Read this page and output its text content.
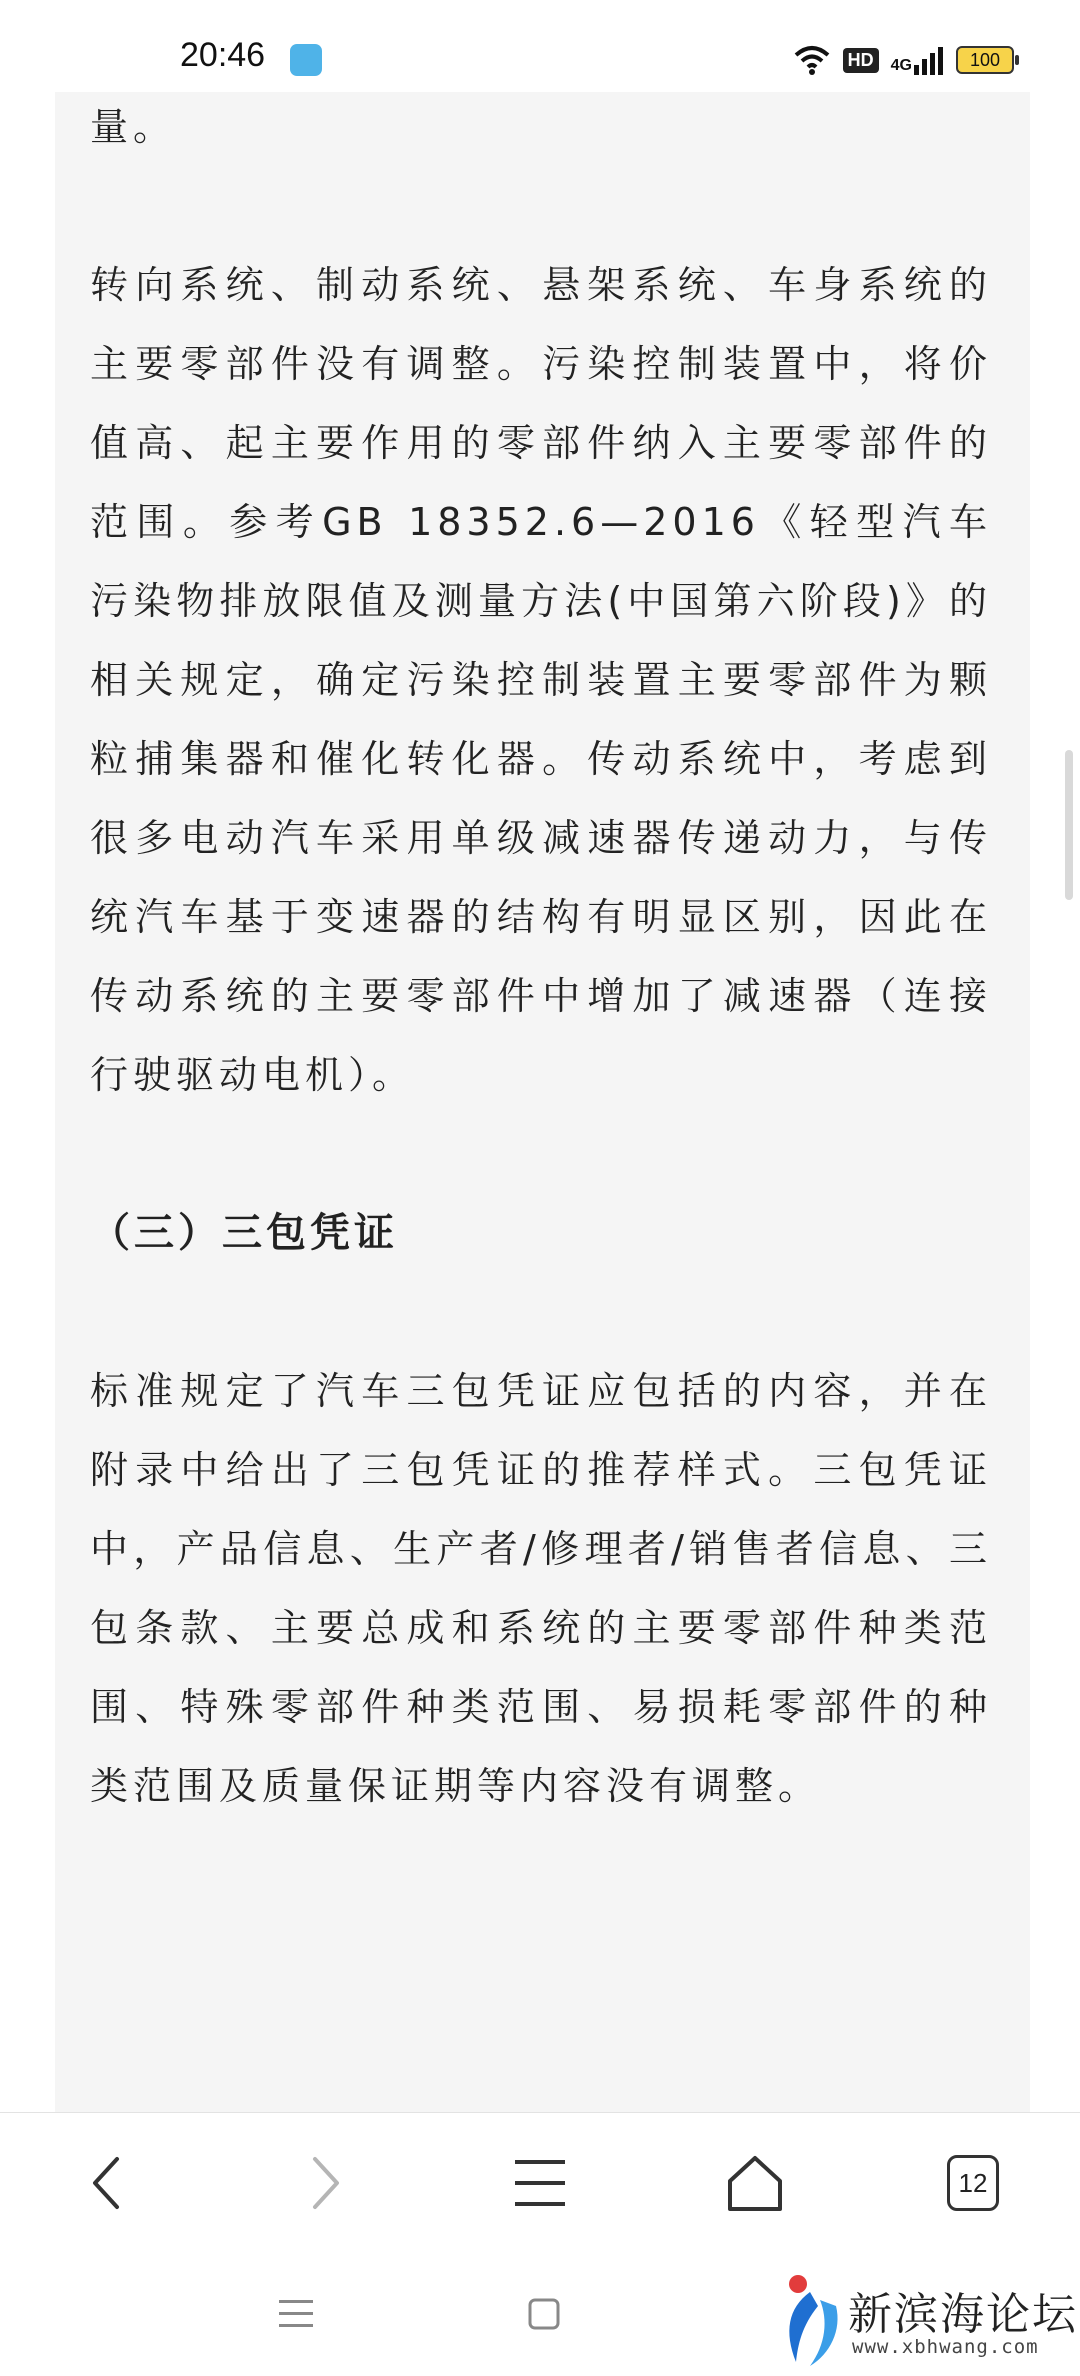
20:46	HD	4G	100

量。

转向系统、制动系统、悬架系统、车身系统的主要零部件没有调整。污染控制装置中，将价值高、起主要作用的零部件纳入主要零部件的范围。参考GB 18352.6—2016《轻型汽车污染物排放限值及测量方法(中国第六阶段)》的相关规定，确定污染控制装置主要零部件为颗粒捕集器和催化转化器。传动系统中，考虑到很多电动汽车采用单级减速器传递动力，与传统汽车基于变速器的结构有明显区别，因此在传动系统的主要零部件中增加了减速器（连接行驶驱动电机）。

（三）三包凭证

标准规定了汽车三包凭证应包括的内容，并在附录中给出了三包凭证的推荐样式。三包凭证中，产品信息、生产者/修理者/销售者信息、三包条款、主要总成和系统的主要零部件种类范围、特殊零部件种类范围、易损耗零部件的种类范围及质量保证期等内容没有调整。

12
新滨海论坛
www.xbhwang.com
